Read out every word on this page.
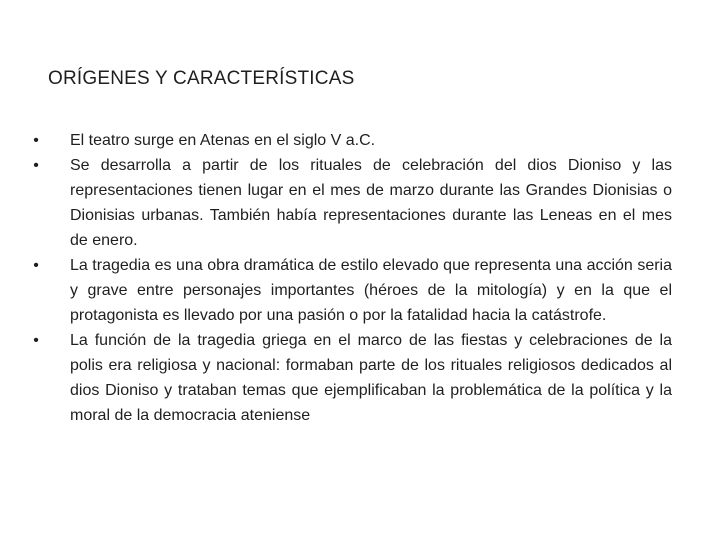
ORÍGENES Y CARACTERÍSTICAS
• El teatro surge en Atenas en el siglo V a.C.
• Se desarrolla a partir de los rituales de celebración del dios Dioniso y las representaciones tienen lugar en el mes de marzo durante las Grandes Dionisias o Dionisias urbanas. También había representaciones durante las Leneas en el mes de enero.
• La tragedia es una obra dramática de estilo elevado que representa una acción seria y grave entre personajes importantes (héroes de la mitología) y en la que el protagonista es llevado por una pasión o por la fatalidad hacia la catástrofe.
• La función de la tragedia griega en el marco de las fiestas y celebraciones de la polis era religiosa y nacional: formaban parte de los rituales religiosos dedicados al dios Dioniso y trataban temas que ejemplificaban la problemática de la política y la moral de la democracia ateniense
